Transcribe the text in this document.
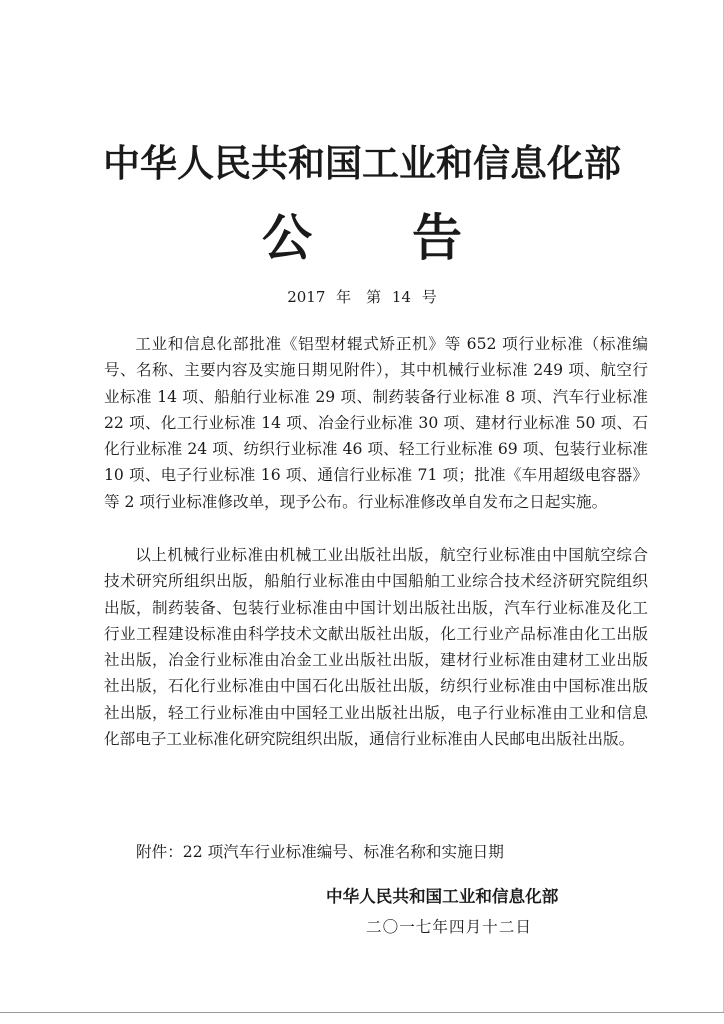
中华人民共和国工业和信息化部
公告
2017 年　第 14 号

工业和信息化部批准《铝型材辊式矫正机》等 652 项行业标准（标准编号、名称、主要内容及实施日期见附件），其中机械行业标准 249 项、航空行业标准 14 项、船舶行业标准 29 项、制药装备行业标准 8 项、汽车行业标准 22 项、化工行业标准 14 项、冶金行业标准 30 项、建材行业标准 50 项、石化行业标准 24 项、纺织行业标准 46 项、轻工行业标准 69 项、包装行业标准 10 项、电子行业标准 16 项、通信行业标准 71 项；批准《车用超级电容器》等 2 项行业标准修改单，现予公布。行业标准修改单自发布之日起实施。

以上机械行业标准由机械工业出版社出版，航空行业标准由中国航空综合技术研究所组织出版，船舶行业标准由中国船舶工业综合技术经济研究院组织出版，制药装备、包装行业标准由中国计划出版社出版，汽车行业标准及化工行业工程建设标准由科学技术文献出版社出版，化工行业产品标准由化工出版社出版，冶金行业标准由冶金工业出版社出版，建材行业标准由建材工业出版社出版，石化行业标准由中国石化出版社出版，纺织行业标准由中国标准出版社出版，轻工行业标准由中国轻工业出版社出版，电子行业标准由工业和信息化部电子工业标准化研究院组织出版，通信行业标准由人民邮电出版社出版。

附件：22 项汽车行业标准编号、标准名称和实施日期
中华人民共和国工业和信息化部
二〇一七年四月十二日
